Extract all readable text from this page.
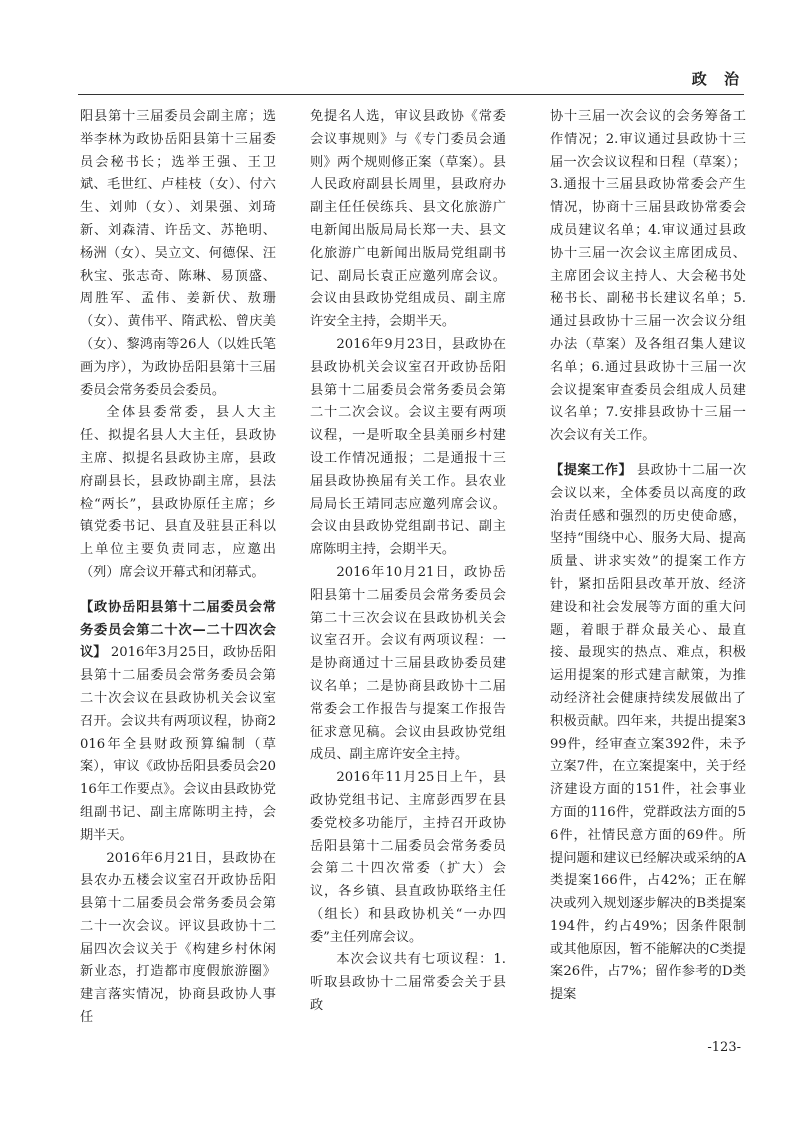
政 治

阳县第十三届委员会副主席；选举李林为政协岳阳县第十三届委员会秘书长；选举王强、王卫斌、毛世红、卢桂枝（女）、付六生、刘帅（女）、刘果强、刘琦新、刘森清、许岳文、苏艳明、杨洲（女）、吴立文、何德保、汪秋宝、张志奇、陈琳、易顶盛、周胜军、孟伟、姜新伏、敖珊（女）、黄伟平、隋武松、曾庆美（女）、黎鸿南等26人（以姓氏笔画为序），为政协岳阳县第十三届委员会常务委员会委员。

全体县委常委，县人大主任、拟提名县人大主任，县政协主席、拟提名县政协主席，县政府副县长，县政协副主席，县法检“两长”，县政协原任主席；乡镇党委书记、县直及驻县正科以上单位主要负责同志，应邀出（列）席会议开幕式和闭幕式。

【政协岳阳县第十二届委员会常务委员会第二十次—二十四次会议】 2016年3月25日，政协岳阳县第十二届委员会常务委员会第二十次会议在县政协机关会议室召开。会议共有两项议程，协商2016年全县财政预算编制（草案），审议《政协岳阳县委员会2016年工作要点》。会议由县政协党组副书记、副主席陈明主持，会期半天。

2016年6月21日，县政协在县农办五楼会议室召开政协岳阳县第十二届委员会常务委员会第二十一次会议。评议县政协十二届四次会议关于《构建乡村休闲新业态，打造都市度假旅游圈》建言落实情况，协商县政协人事任

免提名人选，审议县政协《常委会议事规则》与《专门委员会通则》两个规则修正案（草案）。县人民政府副县长周里，县政府办副主任任侯练兵、县文化旅游广电新闻出版局局长郑一夫、县文化旅游广电新闻出版局党组副书记、副局长袁正应邀列席会议。会议由县政协党组成员、副主席许安全主持，会期半天。

2016年9月23日，县政协在县政协机关会议室召开政协岳阳县第十二届委员会常务委员会第二十二次会议。会议主要有两项议程，一是听取全县美丽乡村建设工作情况通报；二是通报十三届县政协换届有关工作。县农业局局长王靖同志应邀列席会议。会议由县政协党组副书记、副主席陈明主持，会期半天。

2016年10月21日，政协岳阳县第十二届委员会常务委员会第二十三次会议在县政协机关会议室召开。会议有两项议程：一是协商通过十三届县政协委员建议名单；二是协商县政协十二届常委会工作报告与提案工作报告征求意见稿。会议由县政协党组成员、副主席许安全主持。

2016年11月25日上午，县政协党组书记、主席彭西罗在县委党校多功能厅，主持召开政协岳阳县第十二届委员会常务委员会第二十四次常委（扩大）会议，各乡镇、县直政协联络主任（组长）和县政协机关“一办四委”主任列席会议。

本次会议共有七项议程：1.听取县政协十二届常委会关于县政

协十三届一次会议的会务筹备工作情况；2.审议通过县政协十三届一次会议议程和日程（草案）；3.通报十三届县政协常委会产生情况，协商十三届县政协常委会成员建议名单；4.审议通过县政协十三届一次会议主席团成员、主席团会议主持人、大会秘书处秘书长、副秘书长建议名单；5.通过县政协十三届一次会议分组办法（草案）及各组召集人建议名单；6.通过县政协十三届一次会议提案审查委员会组成人员建议名单；7.安排县政协十三届一次会议有关工作。

【提案工作】 县政协十二届一次会议以来，全体委员以高度的政治责任感和强烈的历史使命感，坚持“围绕中心、服务大局、提高质量、讲求实效”的提案工作方针，紧扣岳阳县改革开放、经济建设和社会发展等方面的重大问题，着眼于群众最关心、最直接、最现实的热点、难点，积极运用提案的形式建言献策，为推动经济社会健康持续发展做出了积极贡献。四年来，共提出提案399件，经审查立案392件，未予立案7件，在立案提案中，关于经济建设方面的151件，社会事业方面的116件，党群政法方面的56件，社情民意方面的69件。所提问题和建议已经解决或采纳的A类提案166件，占42%；正在解决或列入规划逐步解决的B类提案194件，约占49%；因条件限制或其他原因，暂不能解决的C类提案26件，占7%；留作参考的D类提案

-123-
